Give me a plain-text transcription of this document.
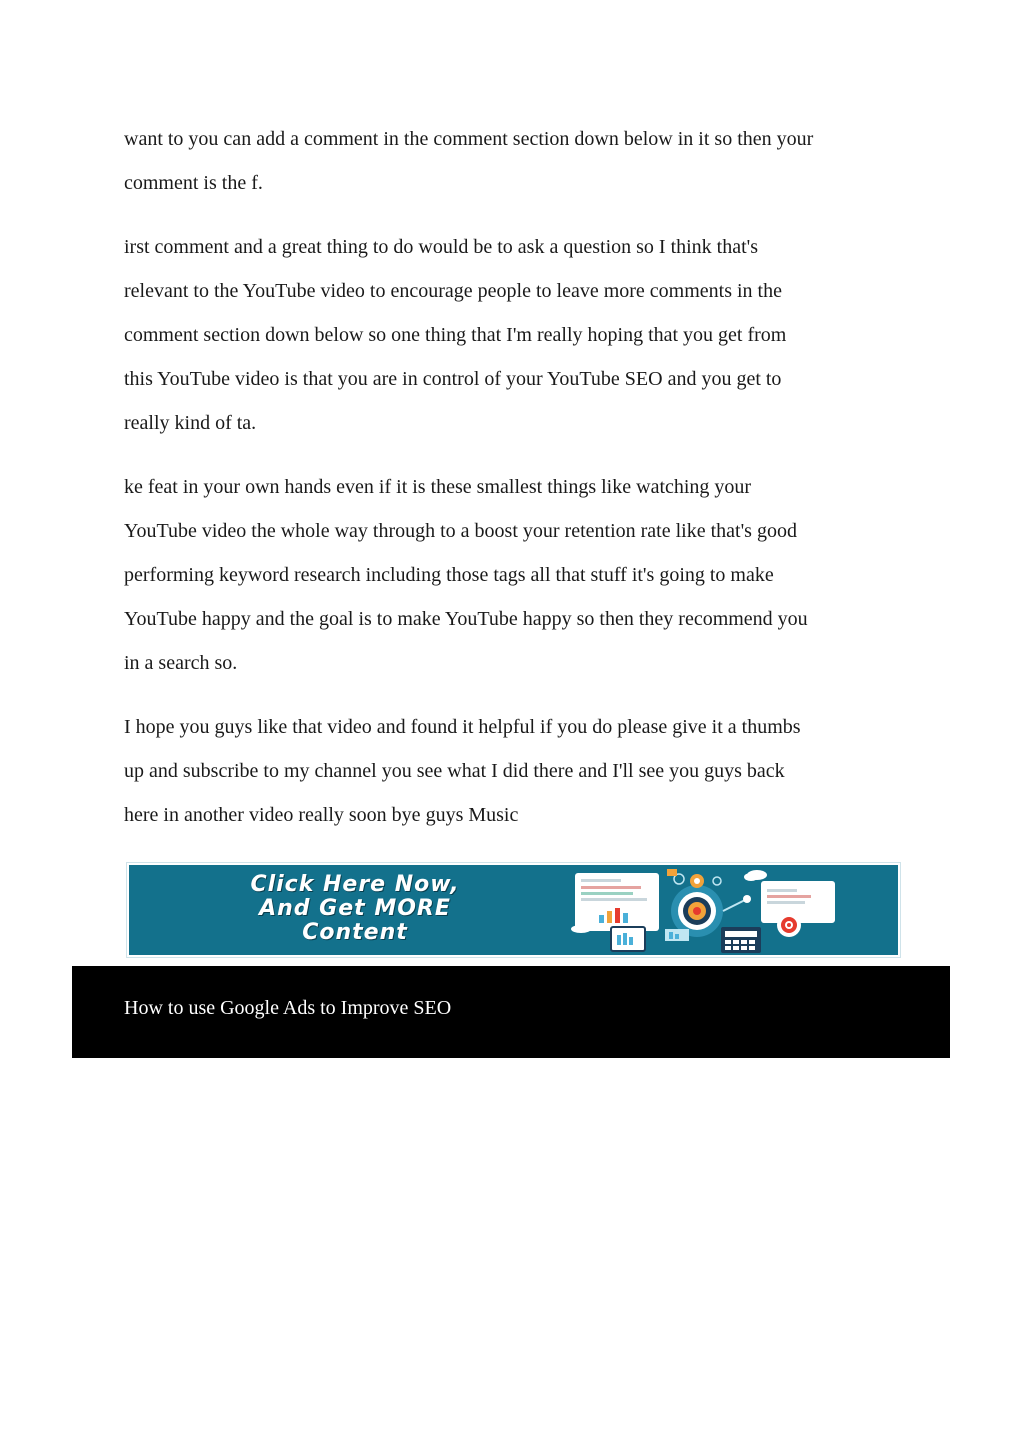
want to you can add a comment in the comment section down below in it so then your
comment is the f.

irst comment and a great thing to do would be to ask a question so I think that's
relevant to the YouTube video to encourage people to leave more comments in the
comment section down below so one thing that I'm really hoping that you get from
this YouTube video is that you are in control of your YouTube SEO and you get to
really kind of ta.

ke feat in your own hands even if it is these smallest things like watching your
YouTube video the whole way through to a boost your retention rate like that's good
performing keyword research including those tags all that stuff it's going to make
YouTube happy and the goal is to make YouTube happy so then they recommend you
in a search so.

I hope you guys like that video and found it helpful if you do please give it a thumbs
up and subscribe to my channel you see what I did there and I'll see you guys back
here in another video really soon bye guys Music

Click Here Now,
And Get MORE
Content
How to use Google Ads to Improve SEO
